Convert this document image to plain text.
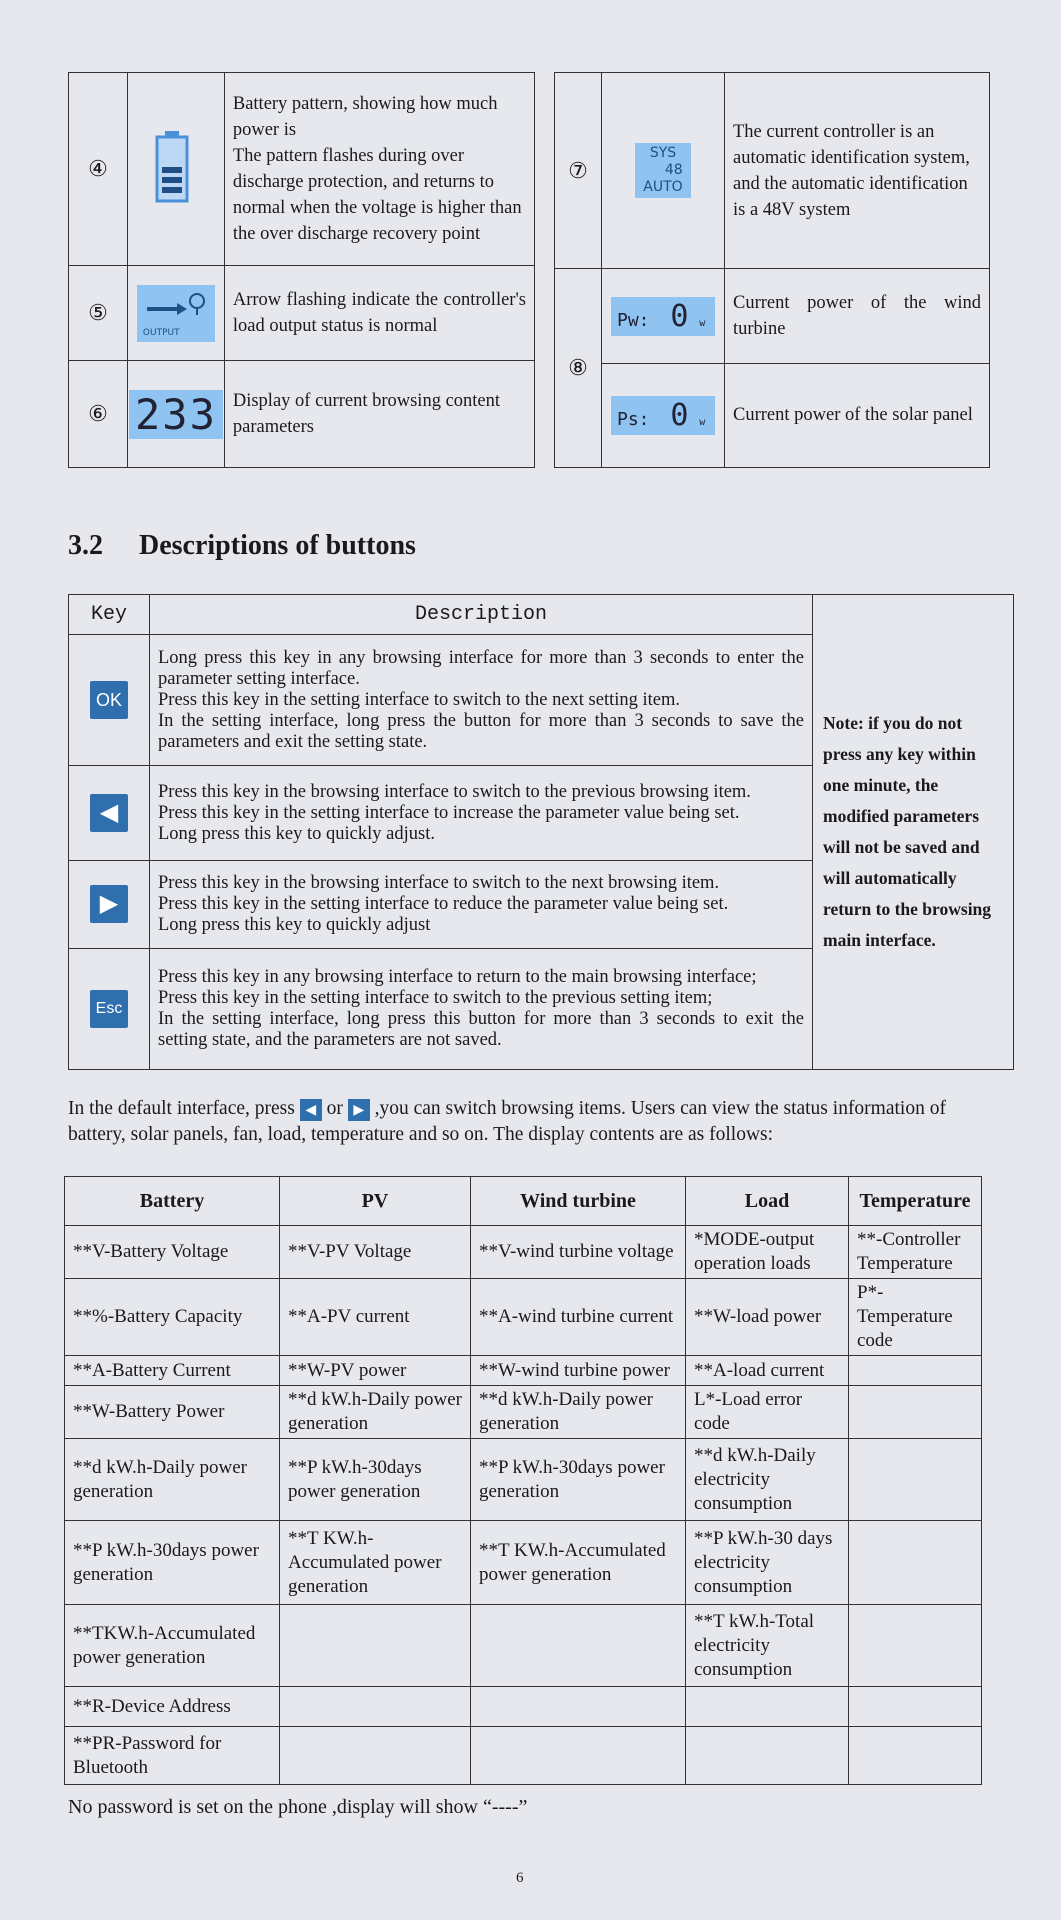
④		Battery pattern, showing how much power is
The pattern flashes during over discharge protection, and returns to normal when the voltage is higher than the over discharge recovery point
⑤	OUTPUT	Arrow flashing indicate the controller's load output status is normal
⑥	233	Display of current browsing content parameters
⑦	SYS
48
AUTO	The current controller is an automatic identification system, and the automatic identification is a 48V system
⑧	Pw: 0 w	Current power of the wind turbine
	Ps: 0 w	Current power of the solar panel
3.2 Descriptions of buttons
Key	Description	Note: if you do not press any key within one minute, the modified parameters will not be saved and will automatically return to the browsing main interface.
OK	Long press this key in any browsing interface for more than 3 seconds to enter the parameter setting interface.
Press this key in the setting interface to switch to the next setting item.
In the setting interface, long press the button for more than 3 seconds to save the parameters and exit the setting state.	
◀	Press this key in the browsing interface to switch to the previous browsing item.
Press this key in the setting interface to increase the parameter value being set.
Long press this key to quickly adjust.	
▶	Press this key in the browsing interface to switch to the next browsing item.
Press this key in the setting interface to reduce the parameter value being set.
Long press this key to quickly adjust	
Esc	Press this key in any browsing interface to return to the main browsing interface;
Press this key in the setting interface to switch to the previous setting item;
In the setting interface, long press this button for more than 3 seconds to exit the setting state, and the parameters are not saved.	
In the default interface, press ◀ or ▶ ,you can switch browsing items. Users can view the status information of battery, solar panels, fan, load, temperature and so on. The display contents are as follows:
Battery	PV	Wind turbine	Load	Temperature
**V-Battery Voltage	**V-PV Voltage	**V-wind turbine voltage	*MODE-output operation loads	**-Controller Temperature
**%-Battery Capacity	**A-PV current	**A-wind turbine current	**W-load power	P*-Temperature code
**A-Battery Current	**W-PV power	**W-wind turbine power	**A-load current	
**W-Battery Power	**d kW.h-Daily power generation	**d kW.h-Daily power generation	L*-Load error code	
**d kW.h-Daily power generation	**P kW.h-30days power generation	**P kW.h-30days power generation	**d kW.h-Daily electricity consumption	
**P kW.h-30days power generation	**T KW.h-Accumulated power generation	**T KW.h-Accumulated power generation	**P kW.h-30 days electricity consumption	
**TKW.h-Accumulated power generation			**T kW.h-Total electricity consumption	
**R-Device Address				
**PR-Password for Bluetooth				
No password is set on the phone ,display will show “----”
6
